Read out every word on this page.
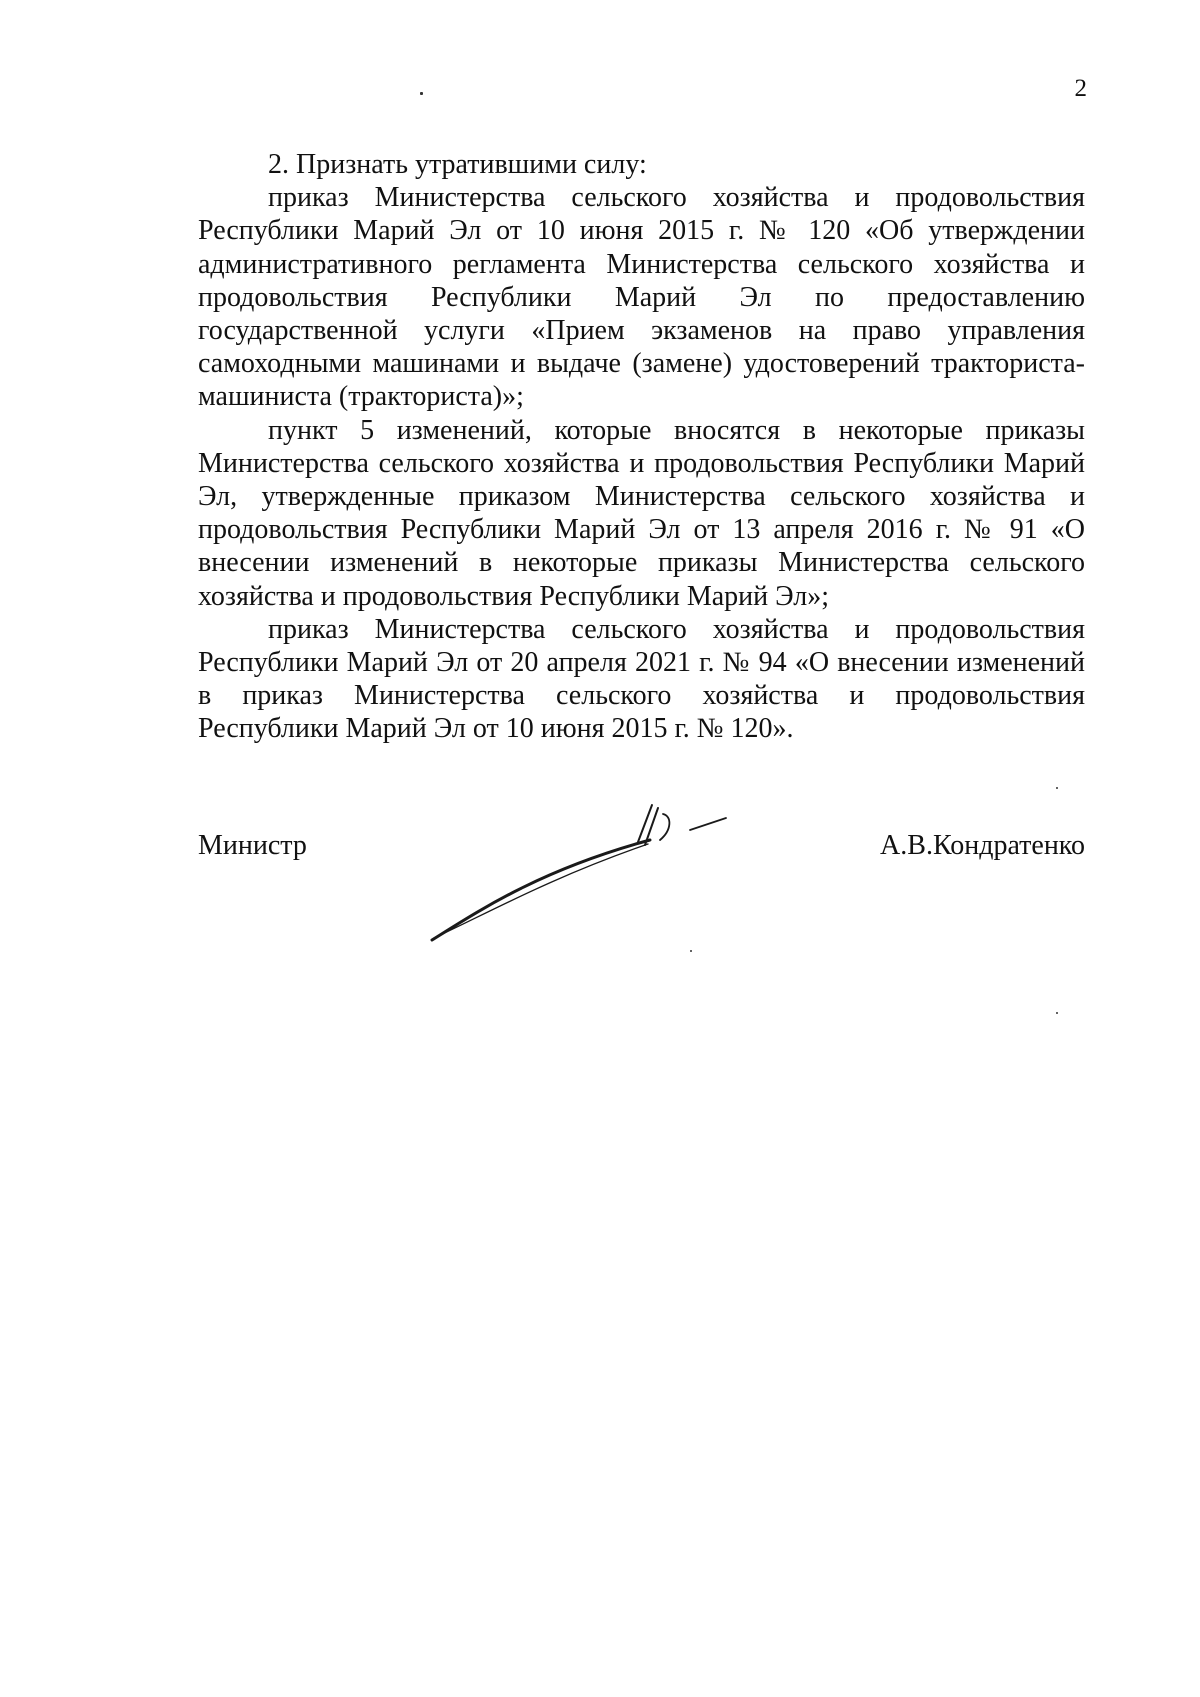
2

2. Признать утратившими силу:

приказ Министерства сельского хозяйства и продовольствия Республики Марий Эл от 10 июня 2015 г. № 120 «Об утверждении административного регламента Министерства сельского хозяйства и продовольствия Республики Марий Эл по предоставлению государственной услуги «Прием экзаменов на право управления самоходными машинами и выдаче (замене) удостоверений тракториста-машиниста (тракториста)»;

пункт 5 изменений, которые вносятся в некоторые приказы Министерства сельского хозяйства и продовольствия Республики Марий Эл, утвержденные приказом Министерства сельского хозяйства и продовольствия Республики Марий Эл от 13 апреля 2016 г. № 91 «О внесении изменений в некоторые приказы Министерства сельского хозяйства и продовольствия Республики Марий Эл»;

приказ Министерства сельского хозяйства и продовольствия Республики Марий Эл от 20 апреля 2021 г. № 94 «О внесении изменений в приказ Министерства сельского хозяйства и продовольствия Республики Марий Эл от 10 июня 2015 г. № 120».

Министр	А.В.Кондратенко
